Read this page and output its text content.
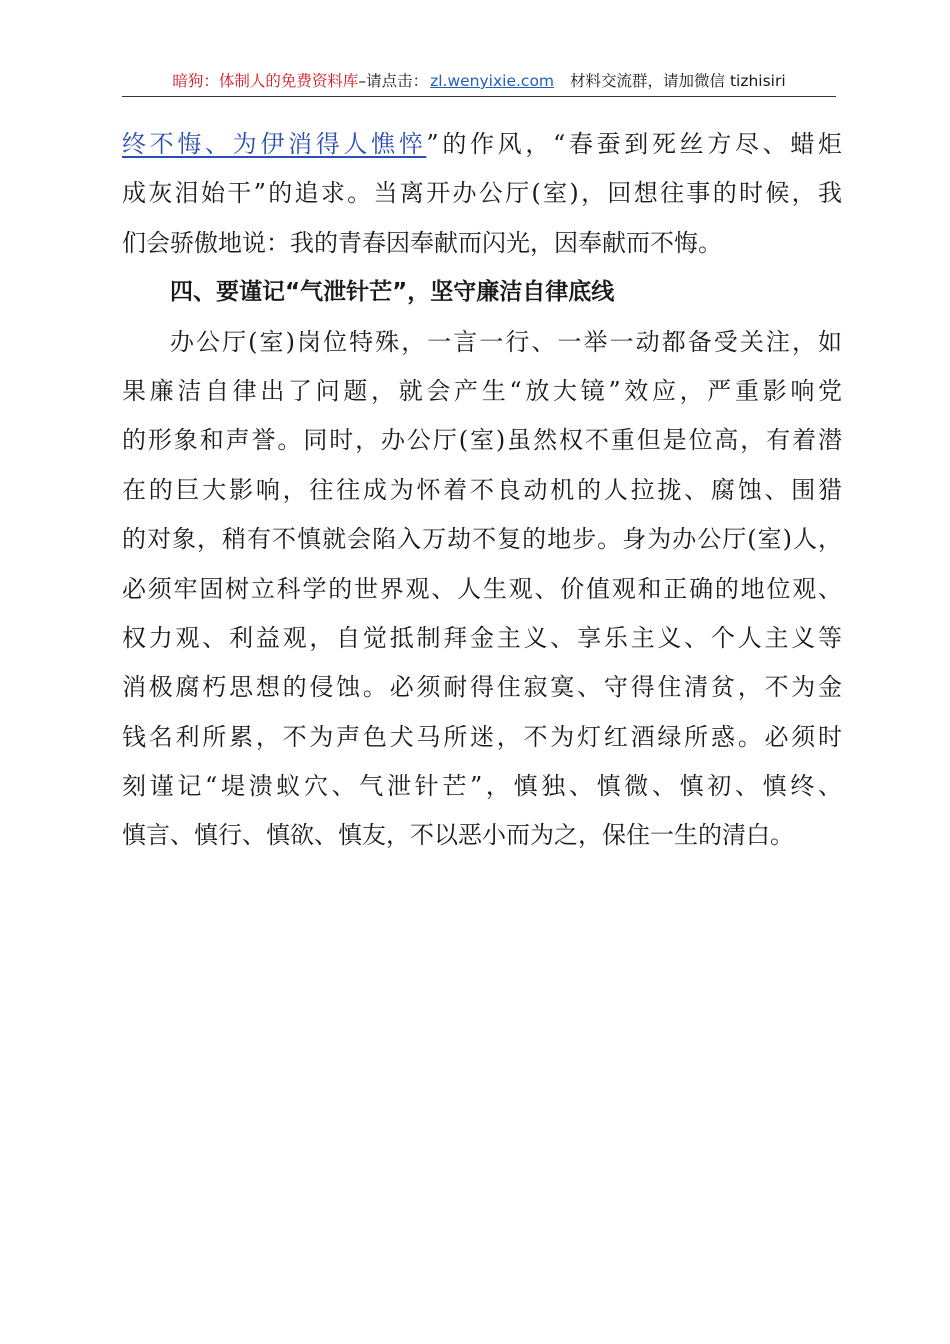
暗狗：体制人的免费资料库–请点击： zl.wenyixie.com 材料交流群，请加微信 tizhisiri
终不悔、为伊消得人憔悴”的作风，“春蚕到死丝方尽、蜡炬
成灰泪始干”的追求。当离开办公厅(室)，回想往事的时候，我
们会骄傲地说：我的青春因奉献而闪光，因奉献而不悔。
四、要谨记“气泄针芒”，坚守廉洁自律底线
办公厅(室)岗位特殊，一言一行、一举一动都备受关注，如
果廉洁自律出了问题，就会产生“放大镜”效应，严重影响党
的形象和声誉。同时，办公厅(室)虽然权不重但是位高，有着潜
在的巨大影响，往往成为怀着不良动机的人拉拢、腐蚀、围猎
的对象，稍有不慎就会陷入万劫不复的地步。身为办公厅(室)人，
必须牢固树立科学的世界观、人生观、价值观和正确的地位观、
权力观、利益观，自觉抵制拜金主义、享乐主义、个人主义等
消极腐朽思想的侵蚀。必须耐得住寂寞、守得住清贫，不为金
钱名利所累，不为声色犬马所迷，不为灯红酒绿所惑。必须时
刻谨记“堤溃蚁穴、气泄针芒”，慎独、慎微、慎初、慎终、
慎言、慎行、慎欲、慎友，不以恶小而为之，保住一生的清白。
